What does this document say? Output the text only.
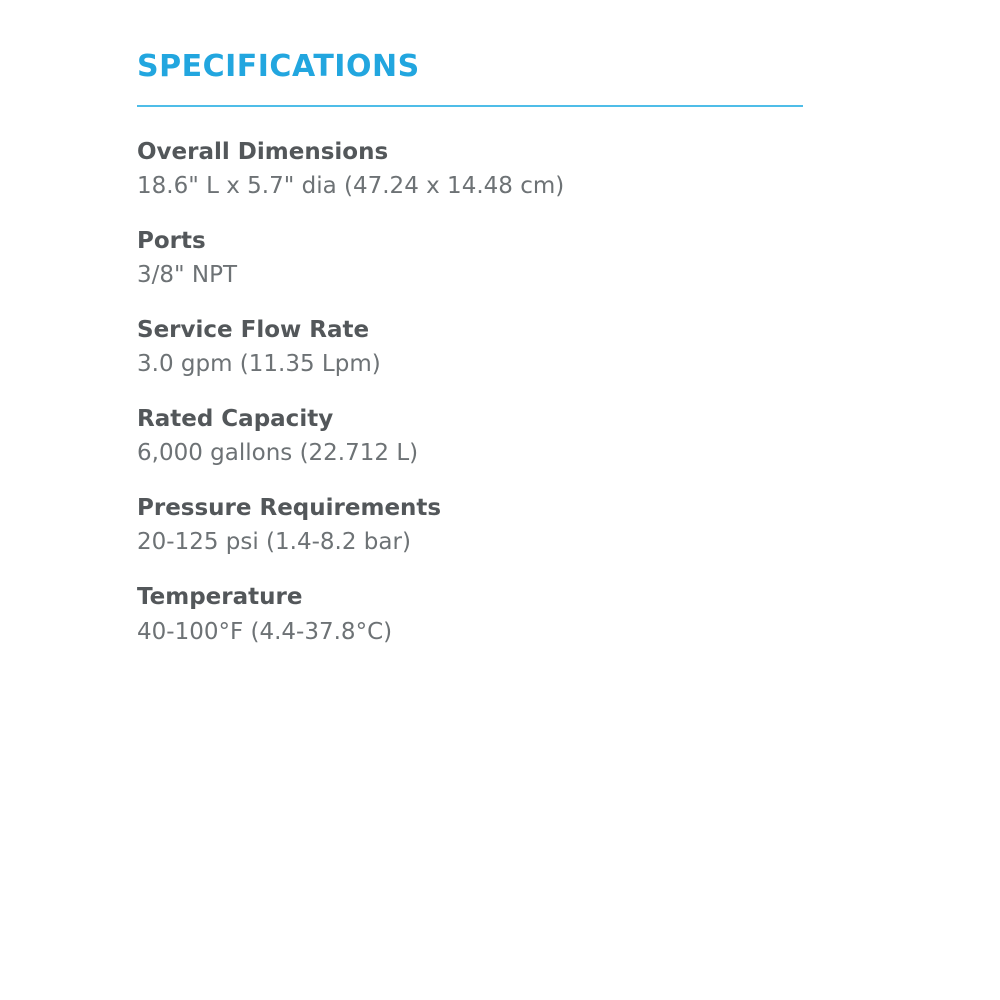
SPECIFICATIONS
Overall Dimensions
18.6" L x 5.7" dia (47.24 x 14.48 cm)
Ports
3/8" NPT
Service Flow Rate
3.0 gpm (11.35 Lpm)
Rated Capacity
6,000 gallons (22.712 L)
Pressure Requirements
20-125 psi (1.4-8.2 bar)
Temperature
40-100°F (4.4-37.8°C)
